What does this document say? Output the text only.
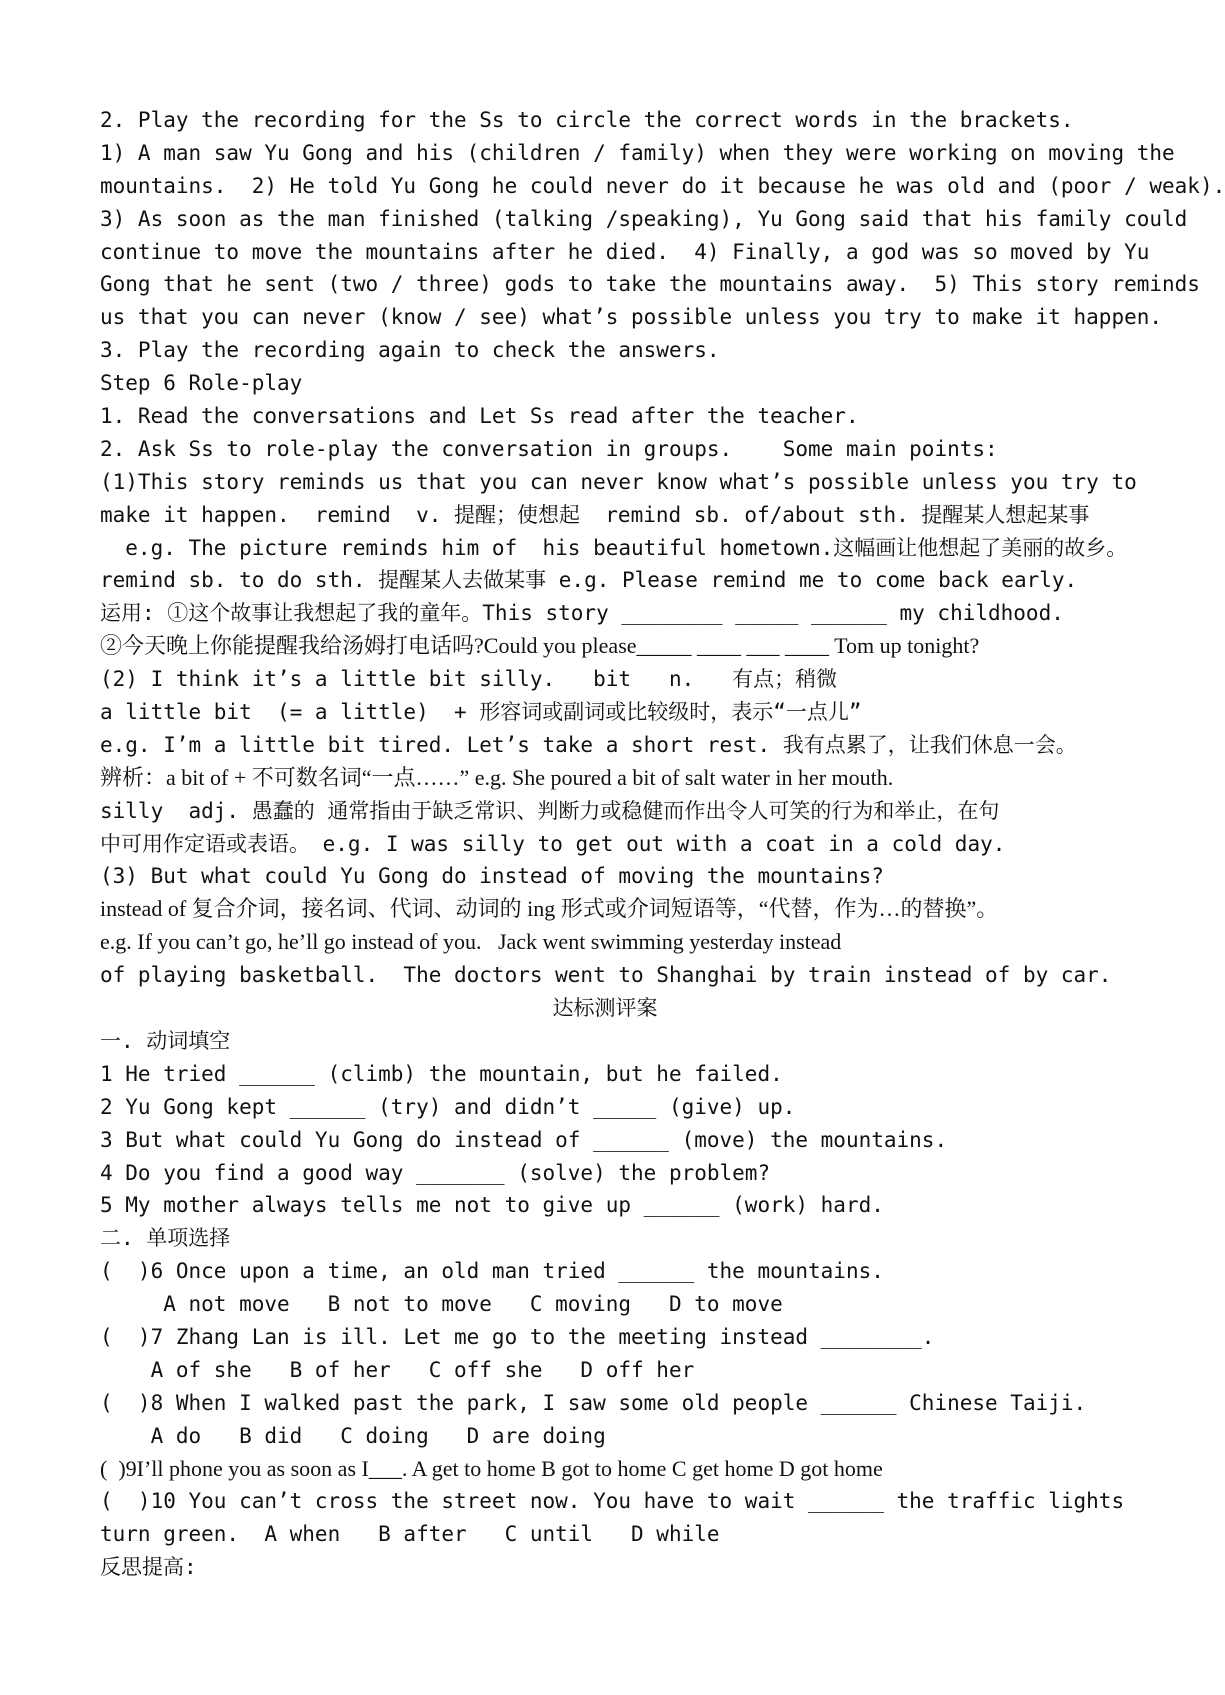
2. Play the recording for the Ss to circle the correct words in the brackets.
1) A man saw Yu Gong and his (children / family) when they were working on moving the
mountains.  2) He told Yu Gong he could never do it because he was old and (poor / weak).
3) As soon as the man finished (talking /speaking), Yu Gong said that his family could
continue to move the mountains after he died.  4) Finally, a god was so moved by Yu
Gong that he sent (two / three) gods to take the mountains away.  5) This story reminds
us that you can never (know / see) what’s possible unless you try to make it happen.
3. Play the recording again to check the answers.
Step 6 Role-play
1. Read the conversations and Let Ss read after the teacher.
2. Ask Ss to role-play the conversation in groups.    Some main points:
(1)This story reminds us that you can never know what’s possible unless you try to
make it happen.  remind  v. 提醒；使想起  remind sb. of/about sth. 提醒某人想起某事
e.g. The picture reminds him of  his beautiful hometown.这幅画让他想起了美丽的故乡。
remind sb. to do sth. 提醒某人去做某事 e.g. Please remind me to come back early.
运用: ①这个故事让我想起了我的童年。This story ________ _____ ______ my childhood.
②今天晚上你能提醒我给汤姆打电话吗?Could you please_____ ____ ___ ____ Tom up tonight?
(2) I think it’s a little bit silly.   bit   n.   有点；稍微
a little bit  (= a little)  + 形容词或副词或比较级时，表示“一点儿”
e.g. I’m a little bit tired. Let’s take a short rest. 我有点累了，让我们休息一会。
辨析：a bit of + 不可数名词“一点……” e.g. She poured a bit of salt water in her mouth.
silly  adj. 愚蠢的 通常指由于缺乏常识、判断力或稳健而作出令人可笑的行为和举止，在句
中可用作定语或表语。 e.g. I was silly to get out with a coat in a cold day.
(3) But what could Yu Gong do instead of moving the mountains?
instead of 复合介词，接名词、代词、动词的 ing 形式或介词短语等，“代替，作为…的替换”。
e.g. If you can’t go, he’ll go instead of you.   Jack went swimming yesterday instead
of playing basketball.  The doctors went to Shanghai by train instead of by car.
达标测评案
一. 动词填空
1 He tried ______ (climb) the mountain, but he failed.
2 Yu Gong kept ______ (try) and didn’t _____ (give) up.
3 But what could Yu Gong do instead of ______ (move) the mountains.
4 Do you find a good way _______ (solve) the problem?
5 My mother always tells me not to give up ______ (work) hard.
二. 单项选择
(  )6 Once upon a time, an old man tried ______ the mountains.
A not move   B not to move   C moving   D to move
(  )7 Zhang Lan is ill. Let me go to the meeting instead ________.
A of she   B of her   C off she   D off her
(  )8 When I walked past the park, I saw some old people ______ Chinese Taiji.
A do   B did   C doing   D are doing
(  )9I’ll phone you as soon as I___. A get to home B got to home C get home D got home
(  )10 You can’t cross the street now. You have to wait ______ the traffic lights
turn green.  A when   B after   C until   D while
反思提高:
